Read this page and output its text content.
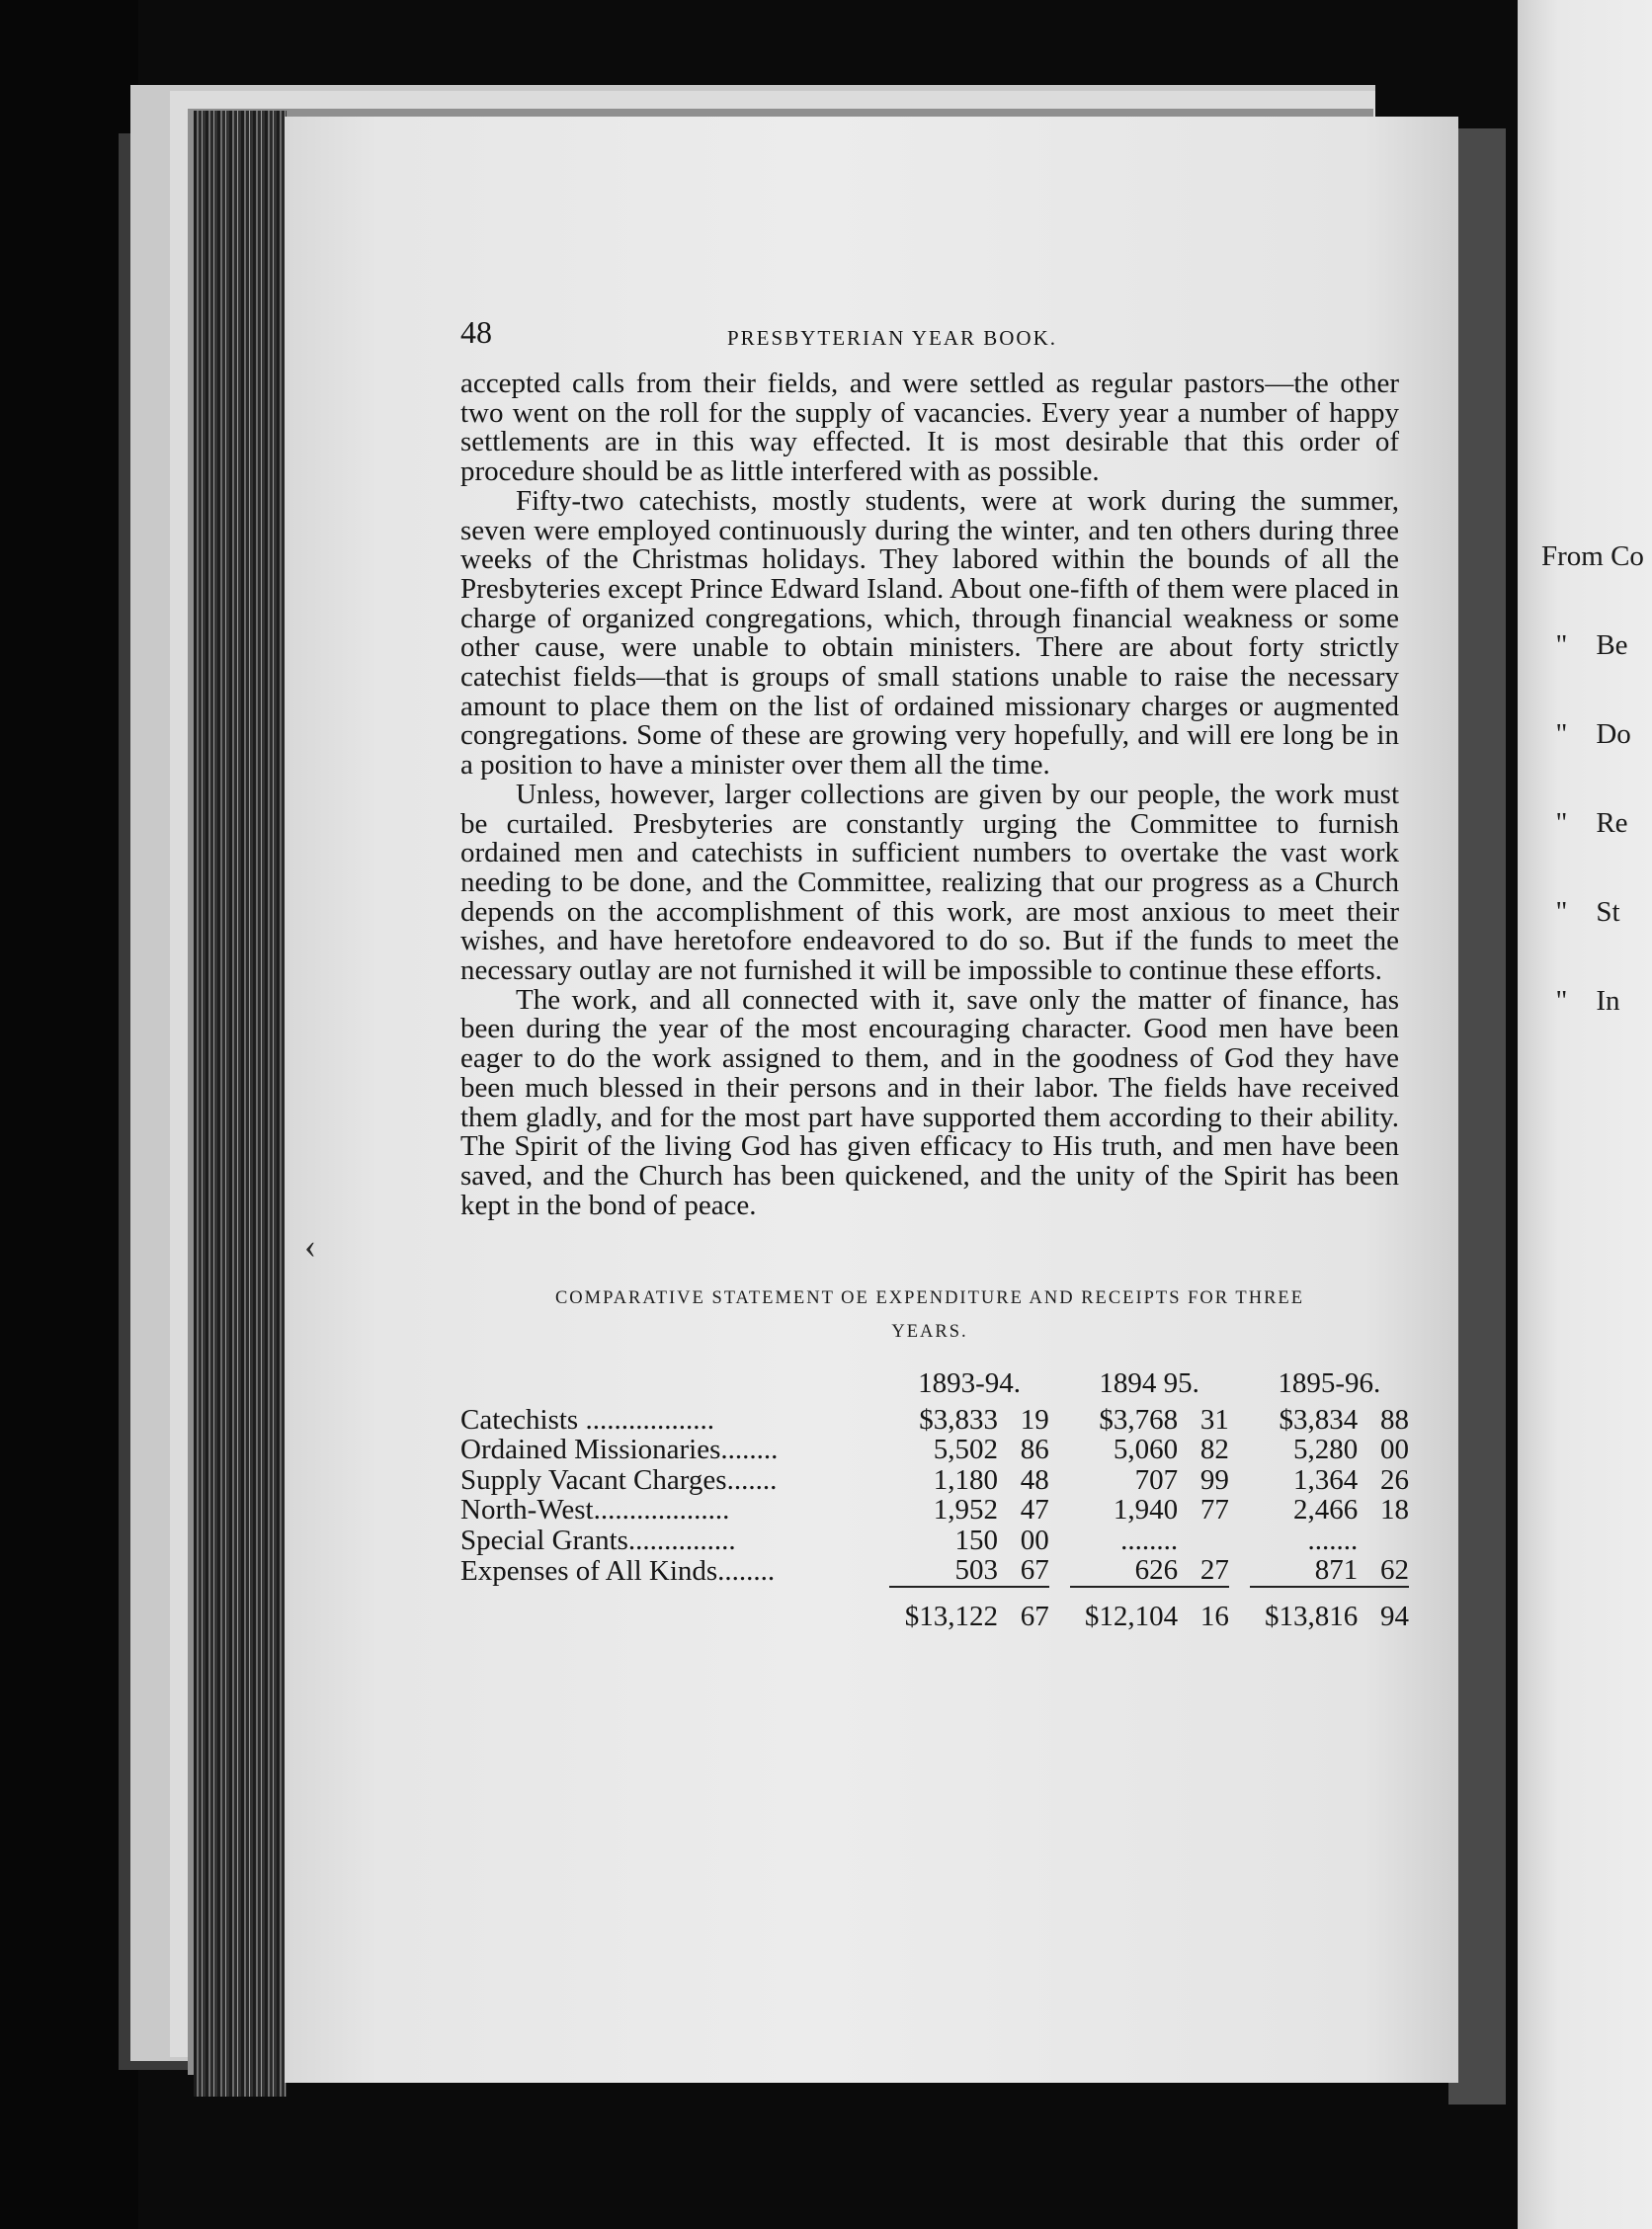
From Co

"    Be

"    Do

"    Re

"    St

"    In

‹
48	PRESBYTERIAN YEAR BOOK.

accepted calls from their fields, and were settled as regular pastors—the other two went on the roll for the supply of vacancies. Every year a number of happy settlements are in this way effected. It is most desirable that this order of procedure should be as little interfered with as possible.

Fifty-two catechists, mostly students, were at work during the summer, seven were employed continuously during the winter, and ten others during three weeks of the Christmas holidays. They labored within the bounds of all the Presbyteries except Prince Edward Island. About one-fifth of them were placed in charge of organized congregations, which, through financial weakness or some other cause, were unable to obtain ministers. There are about forty strictly catechist fields—that is groups of small stations unable to raise the necessary amount to place them on the list of ordained missionary charges or augmented congregations. Some of these are growing very hopefully, and will ere long be in a position to have a minister over them all the time.

Unless, however, larger collections are given by our people, the work must be curtailed. Presbyteries are constantly urging the Committee to furnish ordained men and catechists in sufficient numbers to overtake the vast work needing to be done, and the Committee, realizing that our progress as a Church depends on the accomplishment of this work, are most anxious to meet their wishes, and have heretofore endeavored to do so. But if the funds to meet the necessary outlay are not furnished it will be impossible to continue these efforts.

The work, and all connected with it, save only the matter of finance, has been during the year of the most encouraging character. Good men have been eager to do the work assigned to them, and in the goodness of God they have been much blessed in their persons and in their labor. The fields have received them gladly, and for the most part have supported them according to their ability. The Spirit of the living God has given efficacy to His truth, and men have been saved, and the Church has been quickened, and the unity of the Spirit has been kept in the bond of peace.

COMPARATIVE STATEMENT OE EXPENDITURE AND RECEIPTS FOR THREE
YEARS.
	1893-94.			1894 95.			1895-96.	
Catechists ..................	$3,833	19		$3,768	31		$3,834	88
Ordained Missionaries........	5,502	86		5,060	82		5,280	00
Supply Vacant Charges.......	1,180	48		707	99		1,364	26
North-West...................	1,952	47		1,940	77		2,466	18
Special Grants...............	150	00		........			.......	
Expenses of All Kinds........	503	67		626	27		871	62

	$13,122	67		$12,104	16		$13,816	94
